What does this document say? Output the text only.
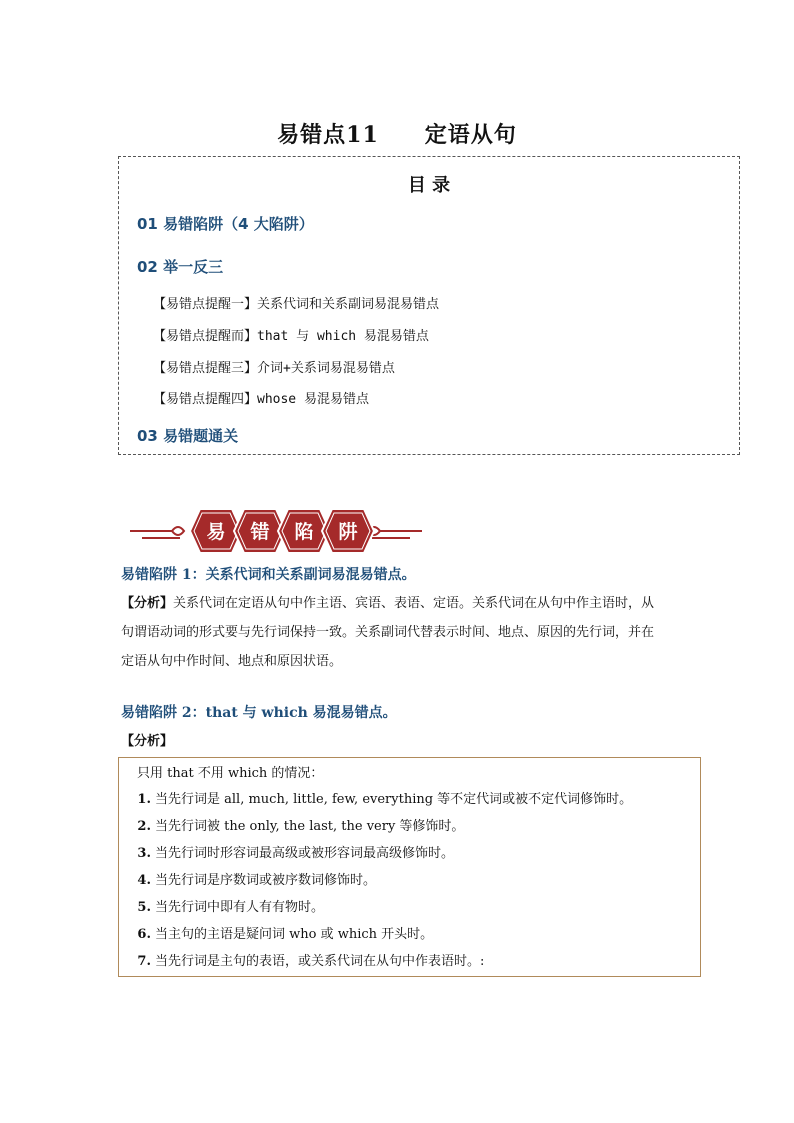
易错点11 定语从句
目 录
01 易错陷阱（4 大陷阱）
02 举一反三
【易错点提醒一】关系代词和关系副词易混易错点
【易错点提醒而】that 与 which 易混易错点
【易错点提醒三】介词+关系词易混易错点
【易错点提醒四】whose 易混易错点
03 易错题通关
易 错 陷 阱
易错陷阱 1：关系代词和关系副词易混易错点。
【分析】关系代词在定语从句中作主语、宾语、表语、定语。关系代词在从句中作主语时，从
句谓语动词的形式要与先行词保持一致。关系副词代替表示时间、地点、原因的先行词，并在
定语从句中作时间、地点和原因状语。
易错陷阱 2：that 与 which 易混易错点。
【分析】
只用 that 不用 which 的情况：
1. 当先行词是 all, much, little, few, everything 等不定代词或被不定代词修饰时。
2. 当先行词被 the only, the last, the very 等修饰时。
3. 当先行词时形容词最高级或被形容词最高级修饰时。
4. 当先行词是序数词或被序数词修饰时。
5. 当先行词中即有人有有物时。
6. 当主句的主语是疑问词 who 或 which 开头时。
7. 当先行词是主句的表语，或关系代词在从句中作表语时。:
